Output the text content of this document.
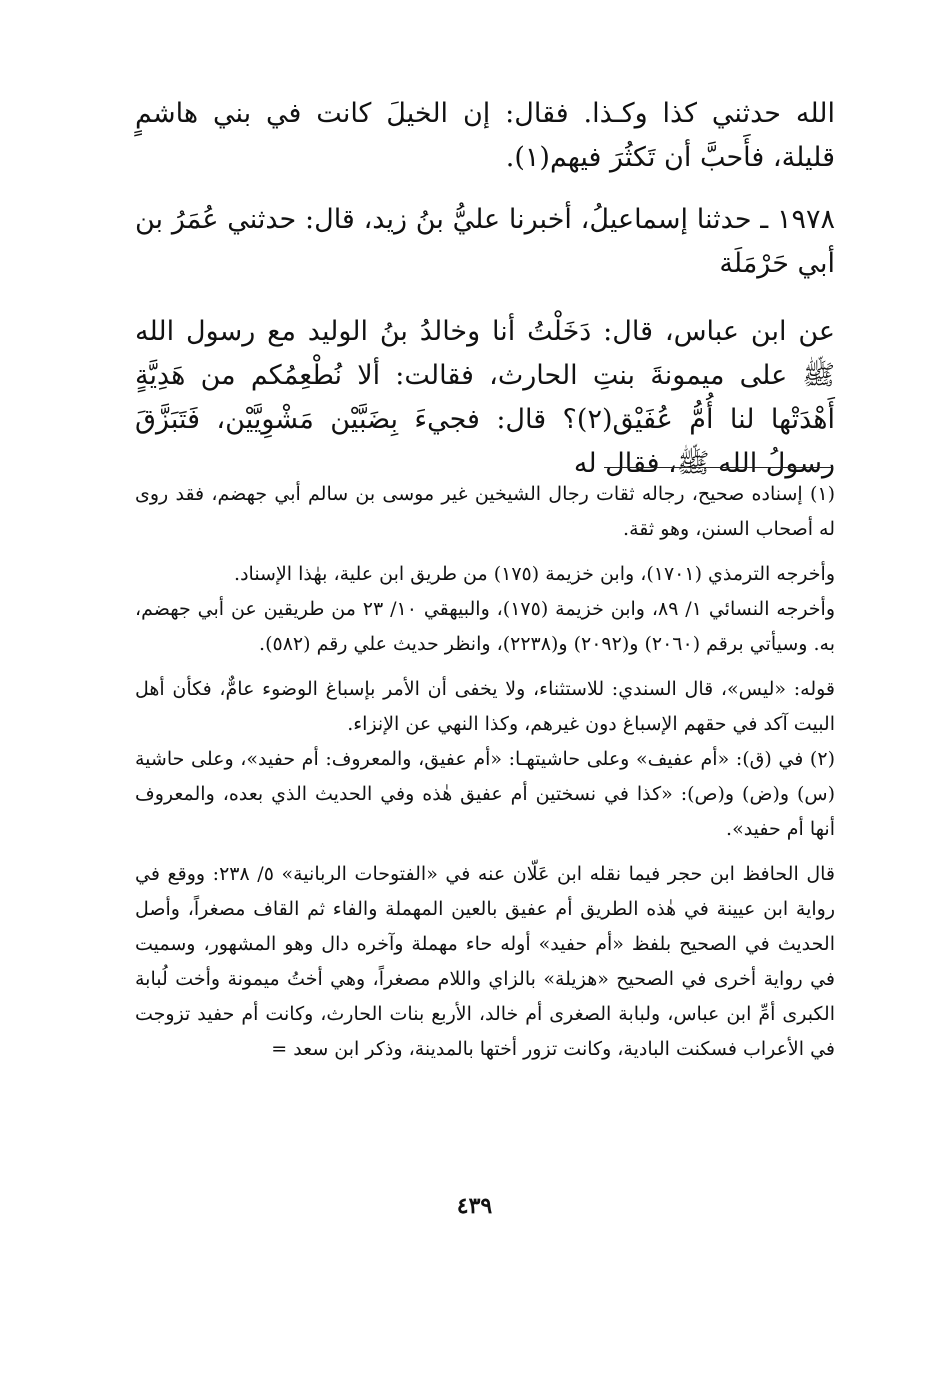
الله حدثني كذا وكـذا. فقال: إن الخيلَ كانت في بني هاشمٍ قليلة، فأَحبَّ أن تَكثُرَ فيهم(١).

١٩٧٨ ـ حدثنا إسماعيلُ، أخبرنا عليُّ بنُ زيد، قال: حدثني عُمَرُ بن أبي حَرْمَلَة

عن ابن عباس، قال: دَخَلْتُ أنا وخالدُ بنُ الوليد مع رسول الله ﷺ على ميمونةَ بنتِ الحارث، فقالت: ألا نُطْعِمُكم من هَدِيَّةٍ أَهْدَتْها لنا أُمُّ عُفَيْق(٢)؟ قال: فجيءَ بِضَبَّيْن مَشْوِيَّيْن، فَتَبَزَّقَ رسولُ الله ﷺ، فقال له

(١) إسناده صحيح، رجاله ثقات رجال الشيخين غير موسى بن سالم أبي جهضم، فقد روى له أصحاب السنن، وهو ثقة.

وأخرجه الترمذي (١٧٠١)، وابن خزيمة (١٧٥) من طريق ابن علية، بهٰذا الإسناد.

وأخرجه النسائي ١/ ٨٩، وابن خزيمة (١٧٥)، والبيهقي ١٠/ ٢٣ من طريقين عن أبي جهضم، به. وسيأتي برقم (٢٠٦٠) و(٢٠٩٢) و(٢٢٣٨)، وانظر حديث علي رقم (٥٨٢).

قوله: «ليس»، قال السندي: للاستثناء، ولا يخفى أن الأمر بإسباغ الوضوء عامٌّ، فكأن أهل البيت آكد في حقهم الإسباغ دون غيرهم، وكذا النهي عن الإنزاء.

(٢) في (ق): «أم عفيف» وعلى حاشيتهـا: «أم عفيق، والمعروف: أم حفيد»، وعلى حاشية (س) و(ض) و(ص): «كذا في نسختين أم عفيق هٰذه وفي الحديث الذي بعده، والمعروف أنها أم حفيد».

قال الحافظ ابن حجر فيما نقله ابن عَلّان عنه في «الفتوحات الربانية» ٥/ ٢٣٨: ووقع في رواية ابن عيينة في هٰذه الطريق أم عفيق بالعين المهملة والفاء ثم القاف مصغراً، وأصل الحديث في الصحيح بلفظ «أم حفيد» أوله حاء مهملة وآخره دال وهو المشهور، وسميت في رواية أخرى في الصحيح «هزيلة» بالزاي واللام مصغراً، وهي أختُ ميمونة وأخت لُبابة الكبرى أمِّ ابن عباس، ولبابة الصغرى أم خالد، الأربع بنات الحارث، وكانت أم حفيد تزوجت في الأعراب فسكنت البادية، وكانت تزور أختها بالمدينة، وذكر ابن سعد =

٤٣٩
